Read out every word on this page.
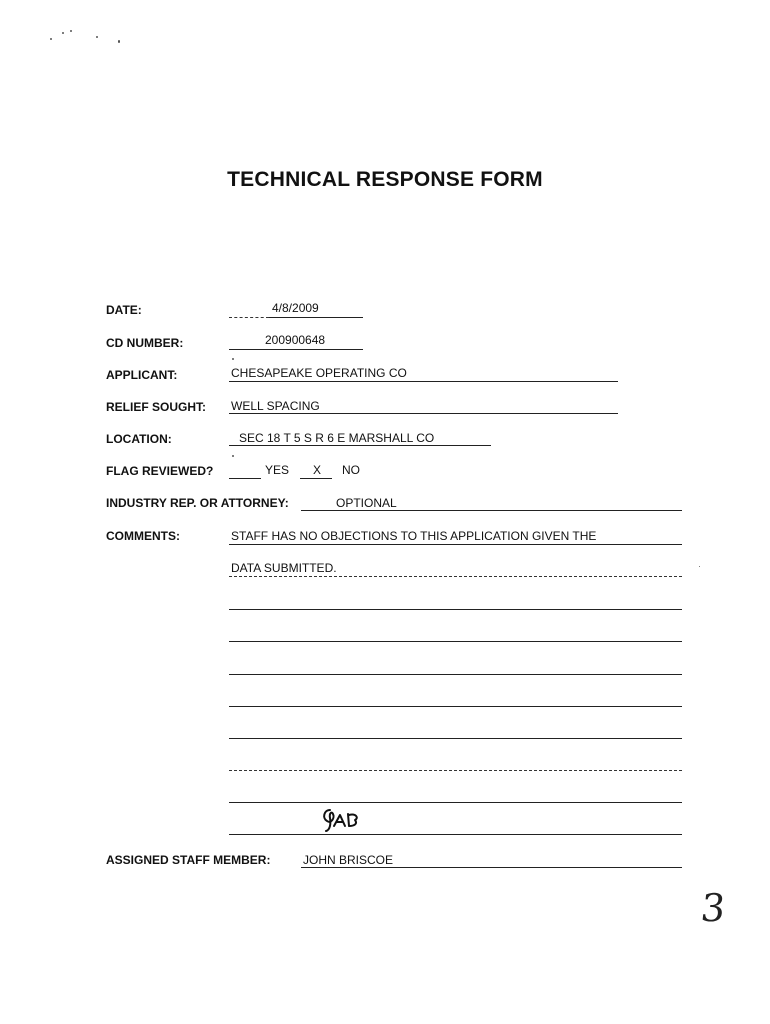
TECHNICAL RESPONSE FORM
DATE:	4/8/2009
CD NUMBER:	200900648
APPLICANT:	CHESAPEAKE OPERATING CO
RELIEF SOUGHT: WELL SPACING
LOCATION:	SEC 18 T 5 S R 6 E MARSHALL CO
FLAG REVIEWED?	YES X NO
INDUSTRY REP. OR ATTORNEY:	OPTIONAL
COMMENTS:	STAFF HAS NO OBJECTIONS TO THIS APPLICATION GIVEN THE
DATA SUBMITTED.
ASSIGNED STAFF MEMBER:	JOHN BRISCOE
3
